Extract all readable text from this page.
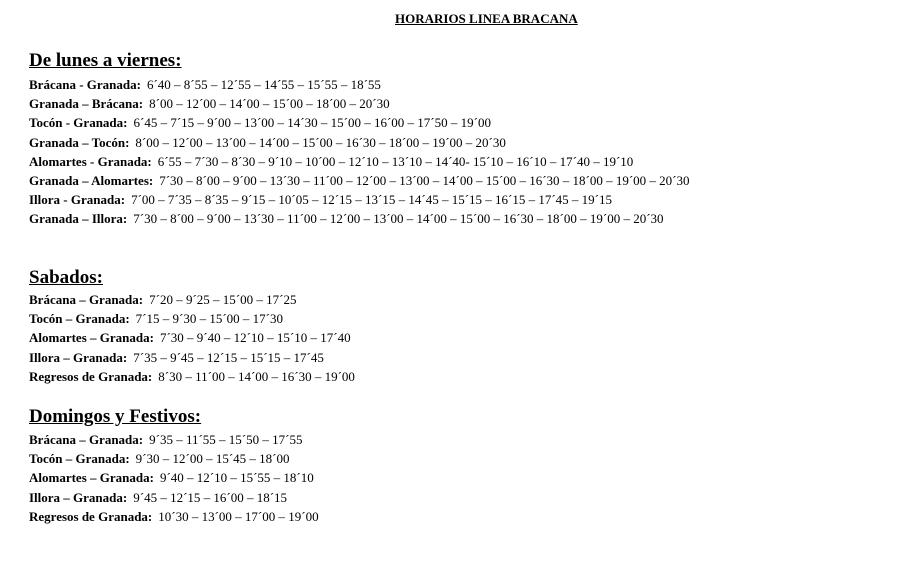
HORARIOS LINEA BRACANA
De lunes a viernes:
Brácana - Granada: 6´40 – 8´55 – 12´55 – 14´55 – 15´55 – 18´55
Granada – Brácana: 8´00 – 12´00 – 14´00 – 15´00 – 18´00 – 20´30
Tocón - Granada: 6´45 – 7´15 – 9´00 – 13´00 – 14´30 – 15´00 – 16´00 – 17´50 – 19´00
Granada – Tocón: 8´00 – 12´00 – 13´00 – 14´00 – 15´00 – 16´30 – 18´00 – 19´00 – 20´30
Alomartes - Granada: 6´55 – 7´30 – 8´30 – 9´10 – 10´00 – 12´10 – 13´10 – 14´40- 15´10 – 16´10 – 17´40 – 19´10
Granada – Alomartes: 7´30 – 8´00 – 9´00 – 13´30 – 11´00 – 12´00 – 13´00 – 14´00 – 15´00 – 16´30 – 18´00 – 19´00 – 20´30
Illora - Granada: 7´00 – 7´35 – 8´35 – 9´15 – 10´05 – 12´15 – 13´15 – 14´45 – 15´15 – 16´15 – 17´45 – 19´15
Granada – Illora: 7´30 – 8´00 – 9´00 – 13´30 – 11´00 – 12´00 – 13´00 – 14´00 – 15´00 – 16´30 – 18´00 – 19´00 – 20´30
Sabados:
Brácana – Granada: 7´20 – 9´25 – 15´00 – 17´25
Tocón – Granada: 7´15 – 9´30 – 15´00 – 17´30
Alomartes – Granada: 7´30 – 9´40 – 12´10 – 15´10 – 17´40
Illora – Granada: 7´35 – 9´45 – 12´15 – 15´15 – 17´45
Regresos de Granada: 8´30 – 11´00 – 14´00 – 16´30 – 19´00
Domingos y Festivos:
Brácana – Granada: 9´35 – 11´55 – 15´50 – 17´55
Tocón – Granada: 9´30 – 12´00 – 15´45 – 18´00
Alomartes – Granada: 9´40 – 12´10 – 15´55 – 18´10
Illora – Granada: 9´45 – 12´15 – 16´00 – 18´15
Regresos de Granada: 10´30 – 13´00 – 17´00 – 19´00
